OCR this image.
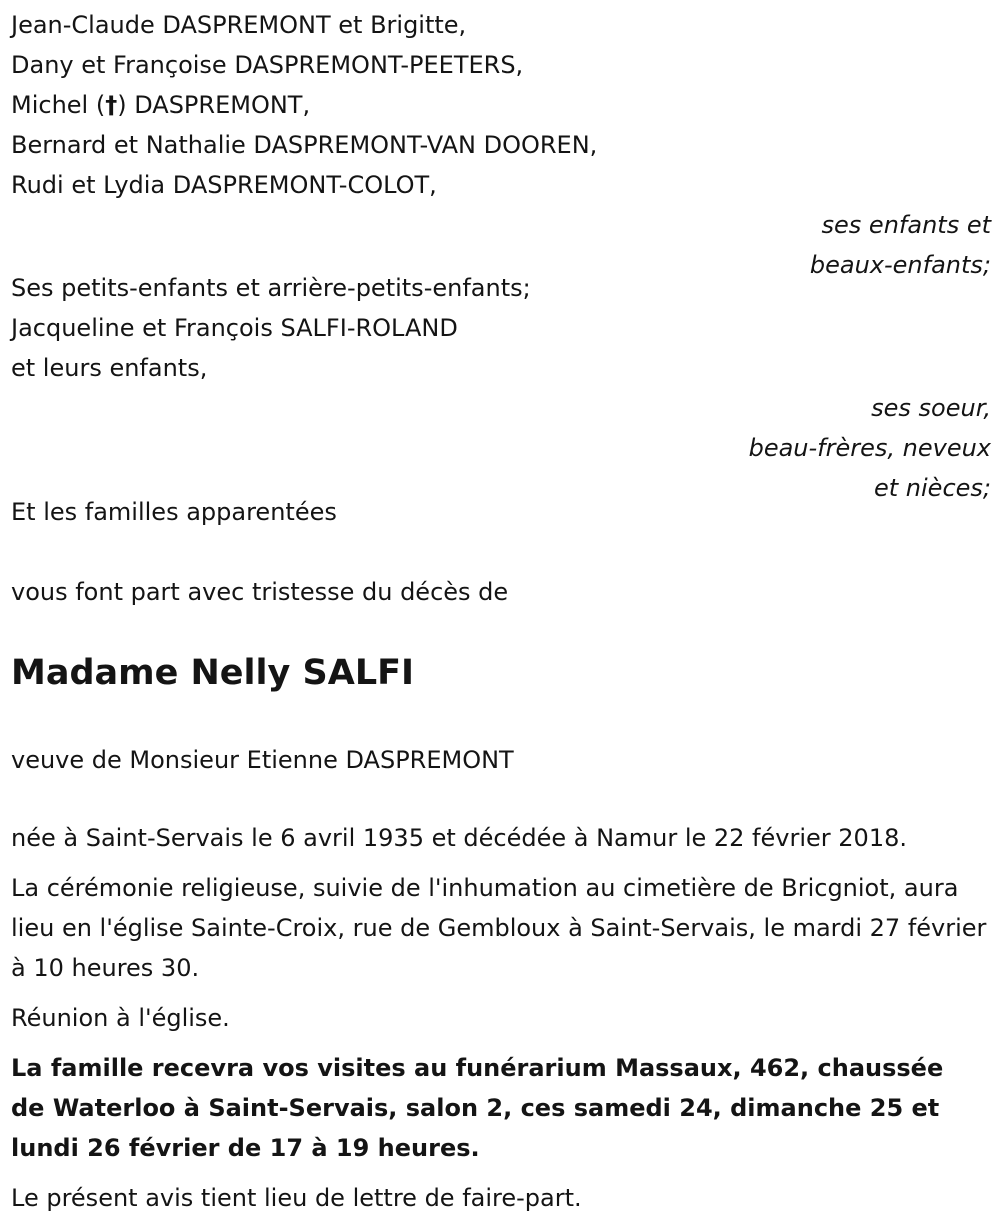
Jean-Claude DASPREMONT et Brigitte,

Dany et Françoise DASPREMONT-PEETERS,

Michel (†) DASPREMONT,

Bernard et Nathalie DASPREMONT-VAN DOOREN,

Rudi et Lydia DASPREMONT-COLOT,

ses enfants et

beaux-enfants;

Ses petits-enfants et arrière-petits-enfants;

Jacqueline et François SALFI-ROLAND

et leurs enfants,

ses soeur,

beau-frères, neveux

et nièces;

Et les familles apparentées

vous font part avec tristesse du décès de

Madame Nelly SALFI

veuve de Monsieur Etienne DASPREMONT

née à Saint-Servais le 6 avril 1935 et décédée à Namur le 22 février 2018.

La cérémonie religieuse, suivie de l'inhumation au cimetière de Bricgniot, aura lieu en l'église Sainte-Croix, rue de Gembloux à Saint-Servais, le mardi 27 février à 10 heures 30.

Réunion à l'église.

La famille recevra vos visites au funérarium Massaux, 462, chaussée de Waterloo à Saint-Servais, salon 2, ces samedi 24, dimanche 25 et lundi 26 février de 17 à 19 heures.

Le présent avis tient lieu de lettre de faire-part.
